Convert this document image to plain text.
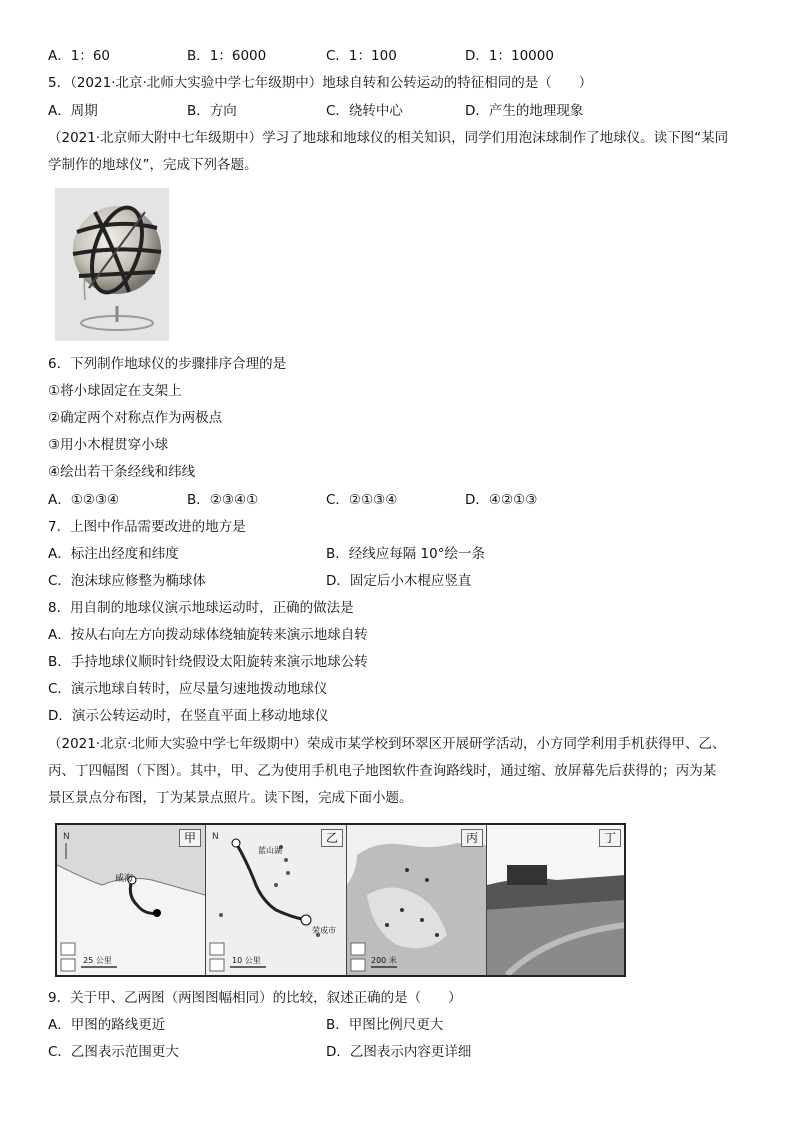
A．1：60	B．1：6000	C．1：100	D．1：10000
5．（2021·北京·北师大实验中学七年级期中）地球自转和公转运动的特征相同的是（　　）
A．周期	B．方向	C．绕转中心	D．产生的地理现象
（2021·北京师大附中七年级期中）学习了地球和地球仪的相关知识，同学们用泡沫球制作了地球仪。读下图“某同
学制作的地球仪”，完成下列各题。
6．下列制作地球仪的步骤排序合理的是
①将小球固定在支架上
②确定两个对称点作为两极点
③用小木棍贯穿小球
④绘出若干条经线和纬线
A．①②③④	B．②③④①	C．②①③④	D．④②①③
7．上图中作品需要改进的地方是
A．标注出经度和纬度	B．经线应每隔 10°绘一条
C．泡沫球应修整为椭球体	D．固定后小木棍应竖直
8．用自制的地球仪演示地球运动时，正确的做法是
A．按从右向左方向拨动球体绕轴旋转来演示地球自转
B．手持地球仪顺时针绕假设太阳旋转来演示地球公转
C．演示地球自转时，应尽量匀速地拨动地球仪
D．演示公转运动时，在竖直平面上移动地球仪
（2021·北京·北师大实验中学七年级期中）荣成市某学校到环翠区开展研学活动，小方同学利用手机获得甲、乙、
丙、丁四幅图（下图）。其中，甲、乙为使用手机电子地图软件查询路线时，通过缩、放屏幕先后获得的；丙为某
景区景点分布图，丁为某景点照片。读下图，完成下面小题。
N	甲
威海
25 公里
N	乙
蓝山湖
荣成市
10 公里
丙
200 米
丁
9．关于甲、乙两图（两图图幅相同）的比较，叙述正确的是（　　）
A．甲图的路线更近	B．甲图比例尺更大
C．乙图表示范围更大	D．乙图表示内容更详细
